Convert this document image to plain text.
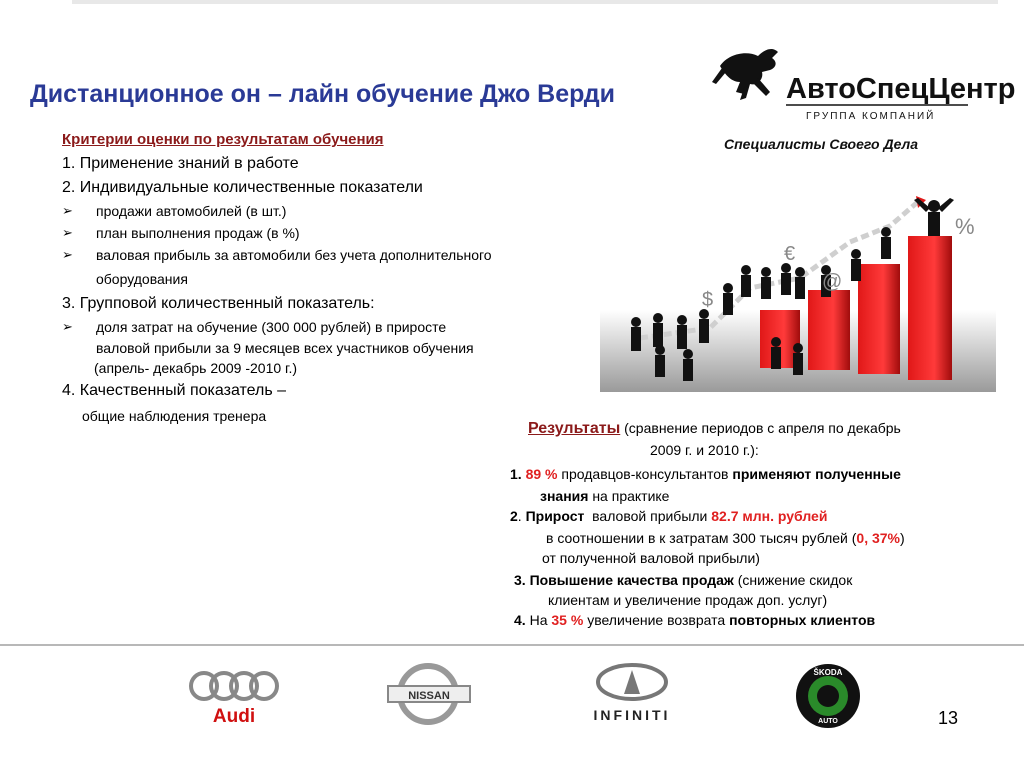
Дистанционное он – лайн обучение Джо Верди	АвтоСпецЦентр
ГРУППА КОМПАНИЙ
Специалисты Своего Дела
Критерии оценки по результатам обучения
1. Применение знаний в работе
2. Индивидуальные количественные показатели
➢ продажи автомобилей (в шт.)
➢ план выполнения продаж (в %)
➢ валовая прибыль за автомобили без учета дополнительного
оборудования
3. Групповой количественный показатель:
➢ доля затрат на обучение (300 000 рублей) в приросте
валовой прибыли за 9 месяцев всех участников обучения
(апрель- декабрь 2009 -2010 г.)
4. Качественный показатель –
общие наблюдения тренера
%
€
@
$
Результаты (сравнение периодов с апреля по декабрь
2009 г. и 2010 г.):
1. 89 % продавцов-консультантов применяют полученные
знания на практике
2. Прирост валовой прибыли 82.7 млн. рублей
в соотношении в к затратам 300 тысяч рублей (0, 37%)
от полученной валовой прибыли)
3. Повышение качества продаж (снижение скидок
клиентам и увеличение продаж доп. услуг)
4. На 35 % увеличение возврата повторных клиентов
Audi
NISSAN
INFINITI
ŠKODA
AUTO	13
